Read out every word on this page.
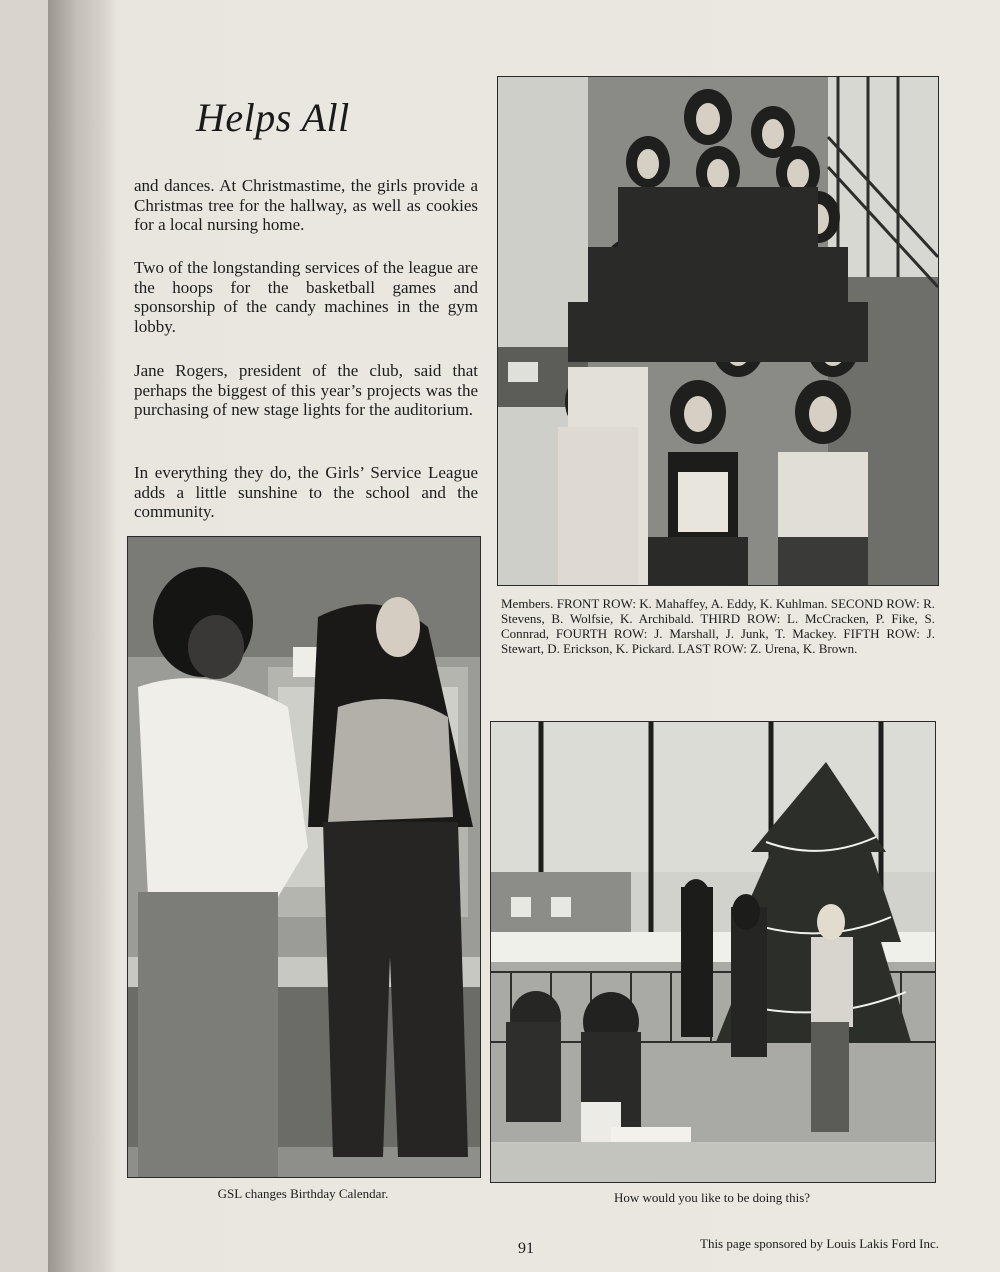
Helps All
and dances. At Christmastime, the girls provide a Christmas tree for the hallway, as well as cookies for a local nursing home.
Two of the longstanding services of the league are the hoops for the basketball games and sponsorship of the candy machines in the gym lobby.
Jane Rogers, president of the club, said that perhaps the biggest of this year’s projects was the purchasing of new stage lights for the auditorium.
In everything they do, the Girls’ Service League adds a little sunshine to the school and the community.
Members. FRONT ROW: K. Mahaffey, A. Eddy, K. Kuhlman. SECOND ROW: R. Stevens, B. Wolfsie, K. Archibald. THIRD ROW: L. McCracken, P. Fike, S. Connrad, FOURTH ROW: J. Marshall, J. Junk, T. Mackey. FIFTH ROW: J. Stewart, D. Erickson, K. Pickard. LAST ROW: Z. Urena, K. Brown.
GSL changes Birthday Calendar.	How would you like to be doing this?
91	This page sponsored by Louis Lakis Ford Inc.
